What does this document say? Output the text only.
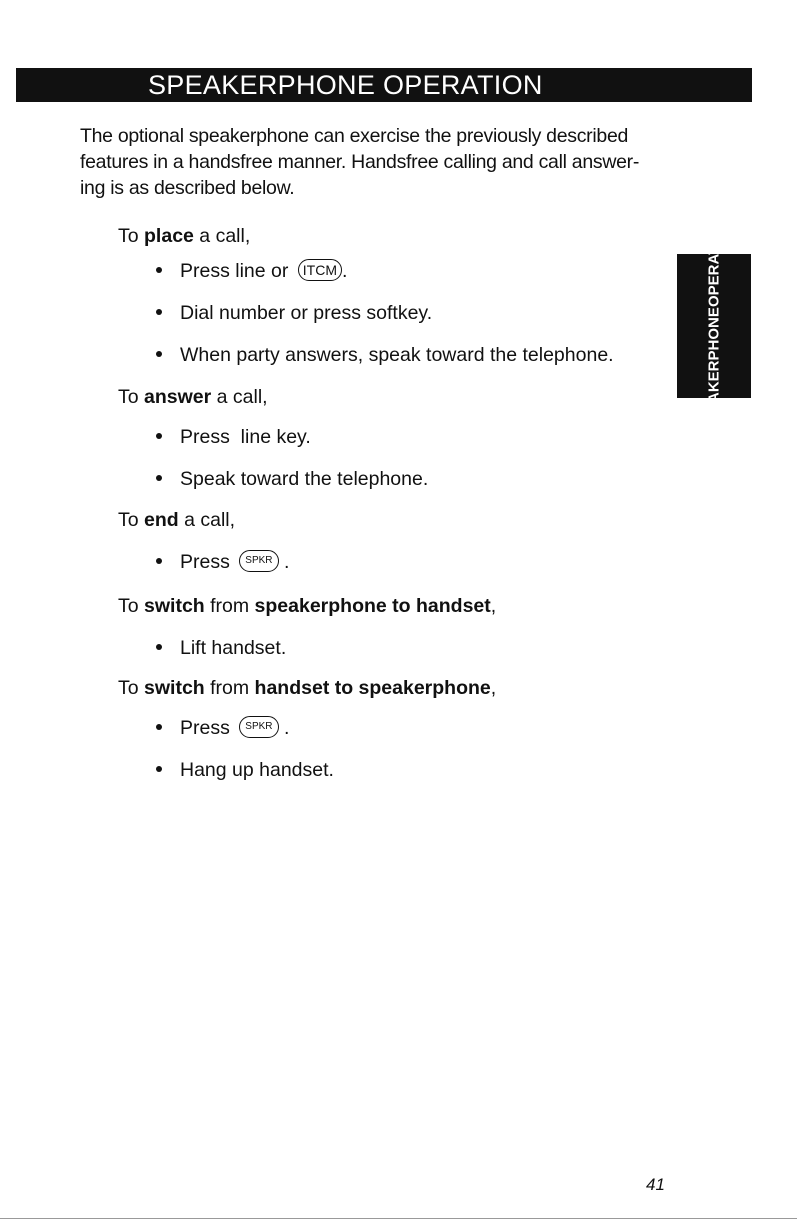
SPEAKERPHONE OPERATION
The optional speakerphone can exercise the previously described
features in a handsfree manner. Handsfree calling and call answer-
ing is as described below.
SPEAKERPHONE
OPERATION
To place a call,
Press line or ITCM .
Dial number or press softkey.
When party answers, speak toward the telephone.
To answer a call,
Press  line key.
Speak toward the telephone.
To end a call,
Press SPKR .
To switch from speakerphone to handset,
Lift handset.
To switch from handset to speakerphone,
Press SPKR .
Hang up handset.
41
